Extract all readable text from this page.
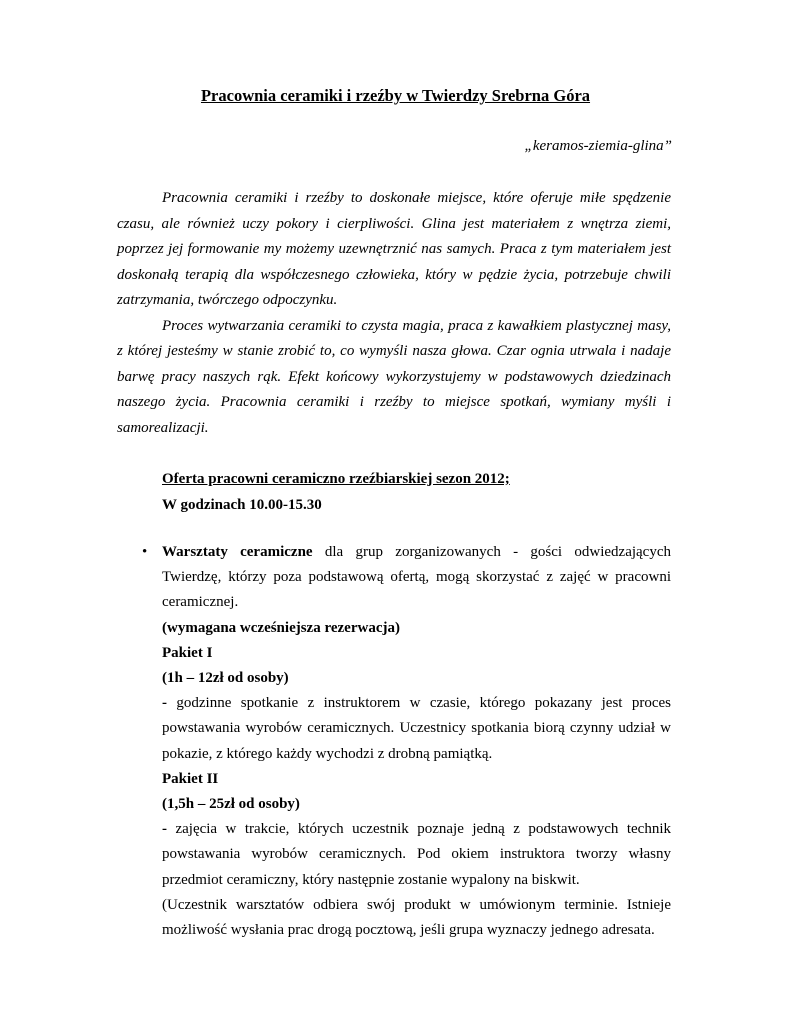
Pracownia ceramiki i rzeźby w Twierdzy Srebrna Góra
„keramos-ziemia-glina”

Pracownia ceramiki i rzeźby to doskonałe miejsce, które oferuje miłe spędzenie czasu, ale również uczy pokory i cierpliwości. Glina jest materiałem z wnętrza ziemi, poprzez jej formowanie my możemy uzewnętrznić nas samych. Praca z tym materiałem jest doskonałą terapią dla współczesnego człowieka, który w pędzie życia, potrzebuje chwili zatrzymania, twórczego odpoczynku.

Proces wytwarzania ceramiki to czysta magia, praca z kawałkiem plastycznej masy, z której jesteśmy w stanie zrobić to, co wymyśli nasza głowa. Czar ognia utrwala i nadaje barwę pracy naszych rąk. Efekt końcowy wykorzystujemy w podstawowych dziedzinach naszego życia. Pracownia ceramiki i rzeźby to miejsce spotkań, wymiany myśli i samorealizacji.

Oferta pracowni ceramiczno rzeźbiarskiej sezon 2012;
W godzinach 10.00-15.30
• Warsztaty ceramiczne dla grup zorganizowanych - gości odwiedzających Twierdzę, którzy poza podstawową ofertą, mogą skorzystać z zajęć w pracowni ceramicznej.
(wymagana wcześniejsza rezerwacja)
Pakiet I
(1h – 12zł od osoby)
- godzinne spotkanie z instruktorem w czasie, którego pokazany jest proces powstawania wyrobów ceramicznych. Uczestnicy spotkania biorą czynny udział w pokazie, z którego każdy wychodzi z drobną pamiątką.
Pakiet II
(1,5h – 25zł od osoby)
- zajęcia w trakcie, których uczestnik poznaje jedną z podstawowych technik powstawania wyrobów ceramicznych. Pod okiem instruktora tworzy własny przedmiot ceramiczny, który następnie zostanie wypalony na biskwit.
(Uczestnik warsztatów odbiera swój produkt w umówionym terminie. Istnieje możliwość wysłania prac drogą pocztową, jeśli grupa wyznaczy jednego adresata.
